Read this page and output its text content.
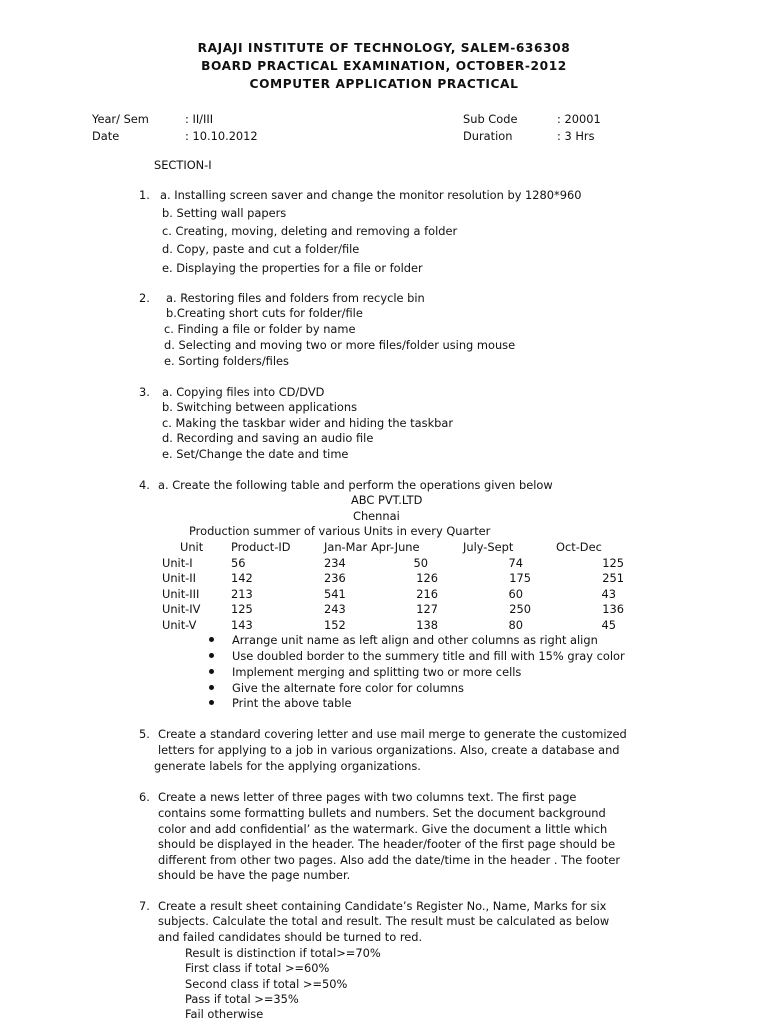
RAJAJI INSTITUTE OF TECHNOLOGY, SALEM-636308
BOARD PRACTICAL EXAMINATION, OCTOBER-2012
COMPUTER APPLICATION PRACTICAL
Year/ Sem	: II/III
Date	: 10.10.2012
Sub Code	: 20001
Duration	: 3 Hrs
SECTION-I
1. a. Installing screen saver and change the monitor resolution by 1280*960
b. Setting wall papers
c. Creating, moving, deleting and removing a folder
d. Copy, paste and cut a folder/file
e. Displaying the properties for a file or folder
2. a. Restoring files and folders from recycle bin
b.Creating short cuts for folder/file
c. Finding a file or folder by name
d. Selecting and moving two or more files/folder using mouse
e. Sorting folders/files
3. a. Copying files into CD/DVD
b. Switching between applications
c. Making the taskbar wider and hiding the taskbar
d. Recording and saving an audio file
e. Set/Change the date and time
4. a. Create the following table and perform the operations given below
ABC PVT.LTD
Chennai
Production summer of various Units in every Quarter
Unit Product-ID	Jan-Mar Apr-June	July-Sept	Oct-Dec
Unit-I	56	234	50	74	125
Unit-II	142	236	126	175	251
Unit-III	213	541	216	60	43
Unit-IV	125	243	127	250	136
Unit-V	143	152	138	80	45
Arrange unit name as left align and other columns as right align
Use doubled border to the summery title and fill with 15% gray color
Implement merging and splitting two or more cells
Give the alternate fore color for columns
Print the above table
5. Create a standard covering letter and use mail merge to generate the customized
letters for applying to a job in various organizations. Also, create a database and
generate labels for the applying organizations.
6. Create a news letter of three pages with two columns text. The first page
contains some formatting bullets and numbers. Set the document background
color and add confidential’ as the watermark. Give the document a little which
should be displayed in the header. The header/footer of the first page should be
different from other two pages. Also add the date/time in the header . The footer
should be have the page number.
7. Create a result sheet containing Candidate’s Register No., Name, Marks for six
subjects. Calculate the total and result. The result must be calculated as below
and failed candidates should be turned to red.
Result is distinction if total>=70%
First class if total >=60%
Second class if total >=50%
Pass if total >=35%
Fail otherwise
